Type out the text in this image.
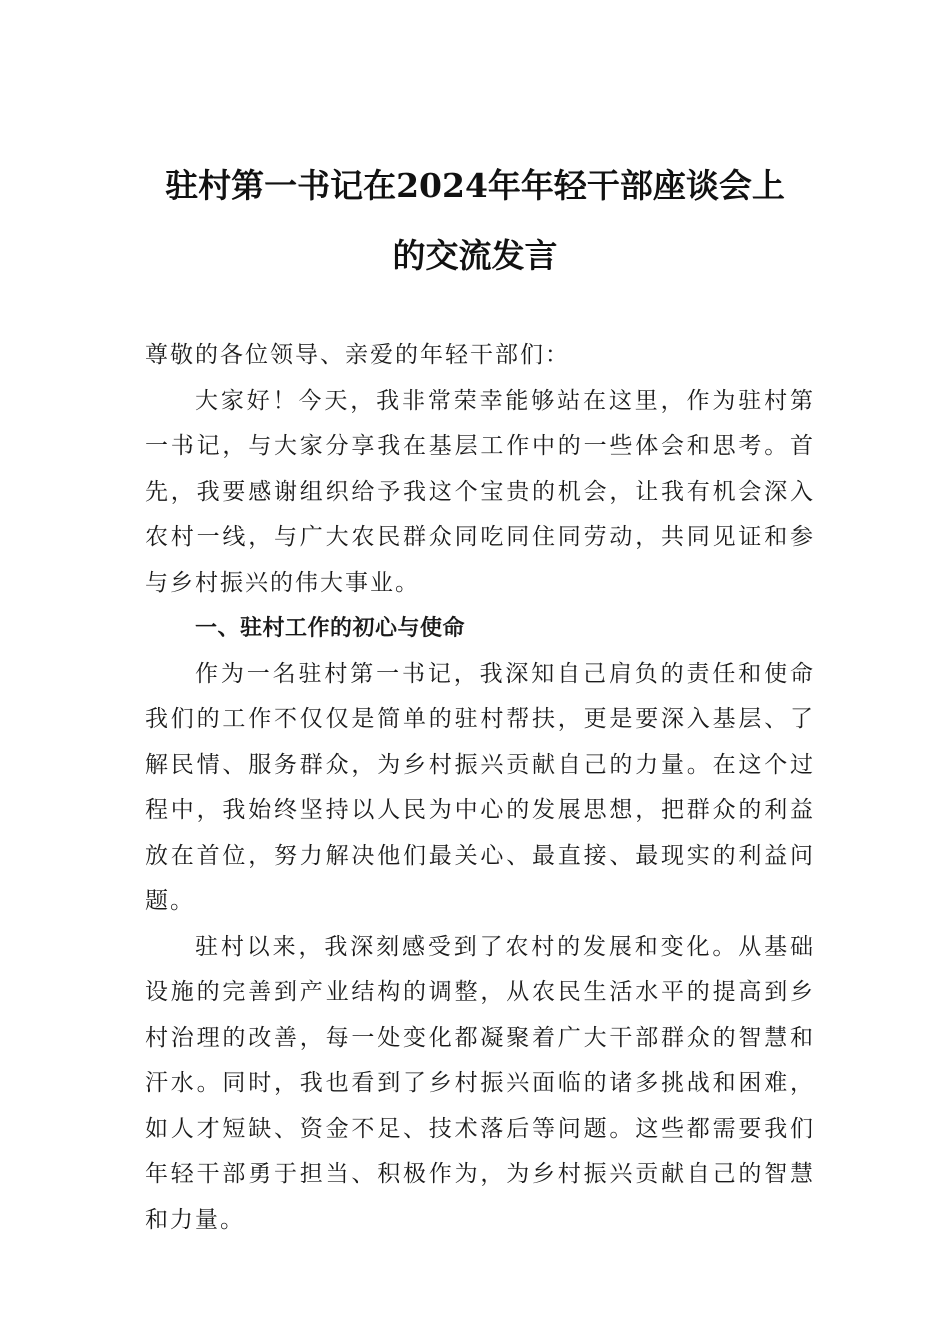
驻村第一书记在2024年年轻干部座谈会上
的交流发言

尊敬的各位领导、亲爱的年轻干部们：

大家好！今天，我非常荣幸能够站在这里，作为驻村第一书记，与大家分享我在基层工作中的一些体会和思考。首先，我要感谢组织给予我这个宝贵的机会，让我有机会深入农村一线，与广大农民群众同吃同住同劳动，共同见证和参与乡村振兴的伟大事业。

一、驻村工作的初心与使命

作为一名驻村第一书记，我深知自己肩负的责任和使命我们的工作不仅仅是简单的驻村帮扶，更是要深入基层、了解民情、服务群众，为乡村振兴贡献自己的力量。在这个过程中，我始终坚持以人民为中心的发展思想，把群众的利益放在首位，努力解决他们最关心、最直接、最现实的利益问题。

驻村以来，我深刻感受到了农村的发展和变化。从基础设施的完善到产业结构的调整，从农民生活水平的提高到乡村治理的改善，每一处变化都凝聚着广大干部群众的智慧和汗水。同时，我也看到了乡村振兴面临的诸多挑战和困难，如人才短缺、资金不足、技术落后等问题。这些都需要我们年轻干部勇于担当、积极作为，为乡村振兴贡献自己的智慧和力量。
